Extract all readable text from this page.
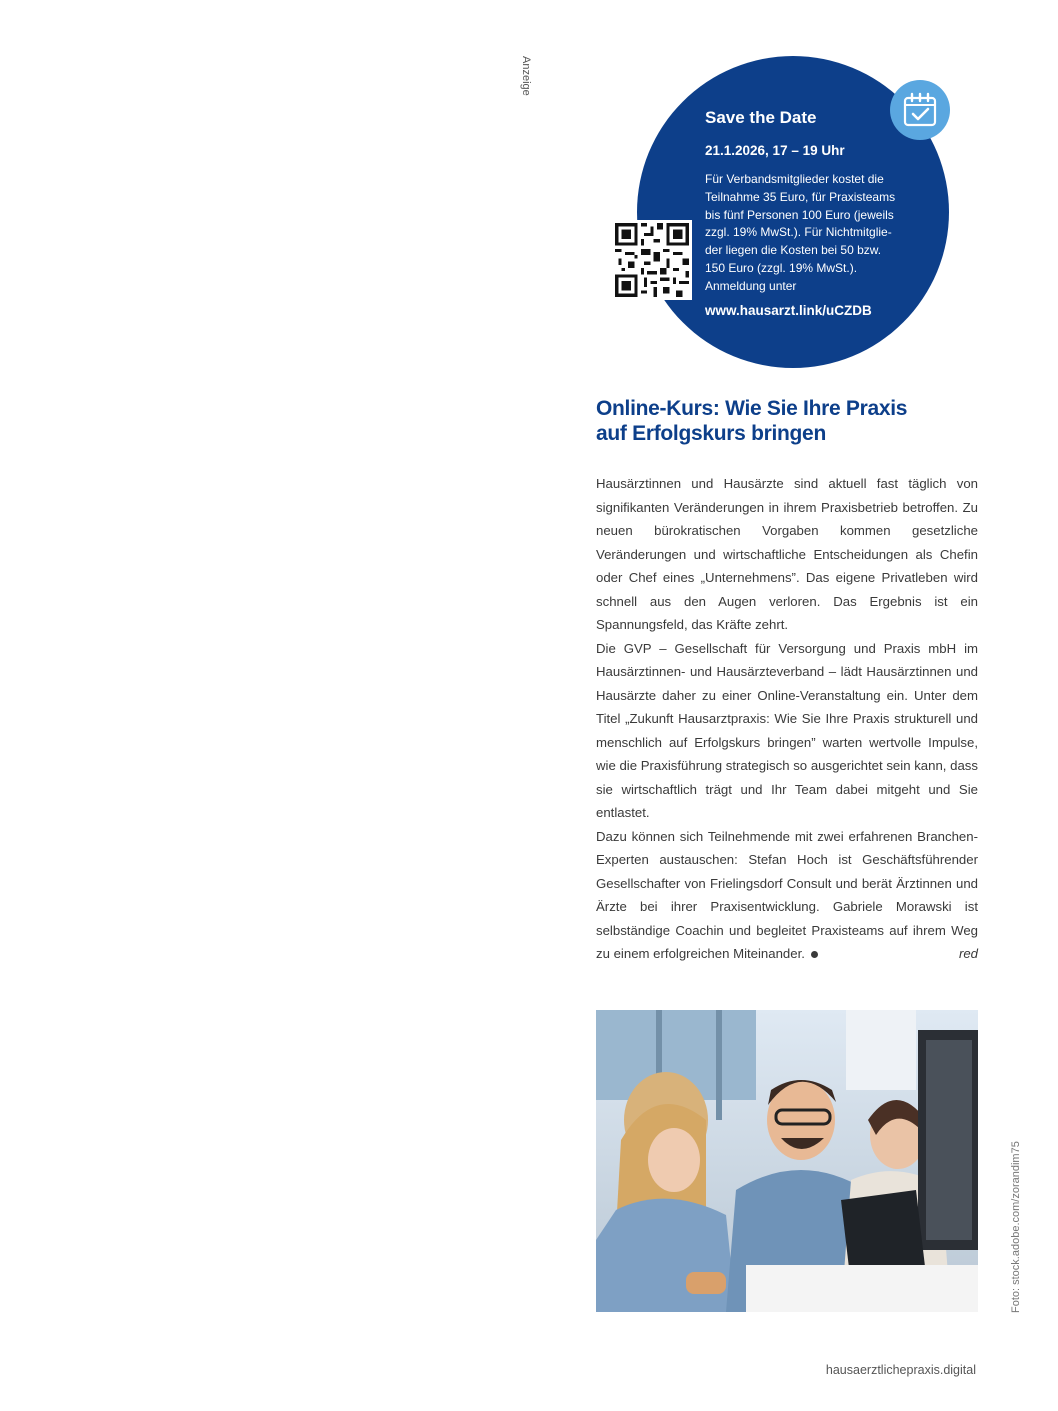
Anzeige
Save the Date
21.1.2026, 17 – 19 Uhr
Für Verbandsmitglieder kostet die
Teilnahme 35 Euro, für Praxisteams
bis fünf Personen 100 Euro (jeweils
zzgl. 19% MwSt.). Für Nichtmitglie-
der liegen die Kosten bei 50 bzw.
150 Euro (zzgl. 19% MwSt.).
Anmeldung unter
www.hausarzt.link/uCZDB
Online-Kurs: Wie Sie Ihre Praxis
auf Erfolgskurs bringen

Hausärztinnen und Hausärzte sind aktuell fast täglich von signifikanten Veränderungen in ihrem Praxisbetrieb betroffen. Zu neuen bürokratischen Vorgaben kommen gesetzliche Veränderungen und wirtschaftliche Entscheidungen als Chefin oder Chef eines „Unternehmens”. Das eigene Privatleben wird schnell aus den Augen verloren. Das Ergebnis ist ein Spannungsfeld, das Kräfte zehrt.

Die GVP – Gesellschaft für Versorgung und Praxis mbH im Hausärztinnen- und Hausärzteverband – lädt Hausärztinnen und Hausärzte daher zu einer Online-Veranstaltung ein. Unter dem Titel „Zukunft Hausarztpraxis: Wie Sie Ihre Praxis strukturell und menschlich auf Erfolgskurs bringen” warten wertvolle Impulse, wie die Praxisführung strategisch so ausgerichtet sein kann, dass sie wirtschaftlich trägt und Ihr Team dabei mitgeht und Sie entlastet.

Dazu können sich Teilnehmende mit zwei erfahrenen Branchen-Experten austauschen: Stefan Hoch ist Geschäftsführender Gesellschafter von Frielingsdorf Consult und berät Ärztinnen und Ärzte bei ihrer Praxisentwicklung. Gabriele Morawski ist selbständige Coachin und begleitet Praxisteams auf ihrem Weg zu einem erfolgreichen Miteinander.	red

Foto: stock.adobe.com/zorandim75
hausaerztlichepraxis.digital
